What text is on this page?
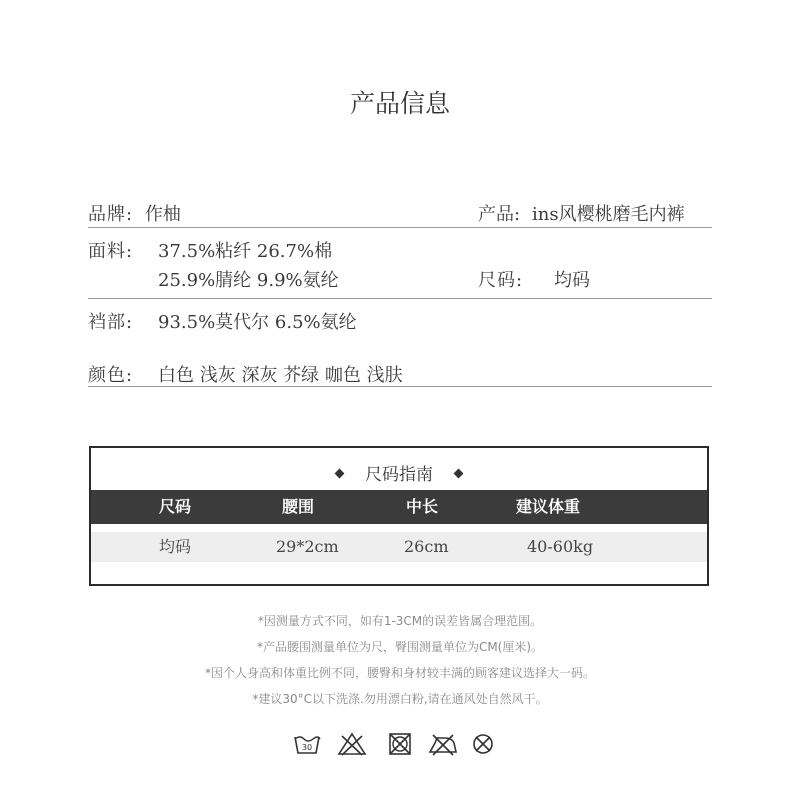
产品信息
品牌: 作柚	产品: ins风樱桃磨毛内裤
面料: 37.5%粘纤 26.7%棉
25.9%腈纶 9.9%氨纶	尺码: 均码
裆部: 93.5%莫代尔 6.5%氨纶
颜色: 白色 浅灰 深灰 芥绿 咖色 浅肤
尺码指南
尺码	腰围	中长	建议体重
均码	29*2cm	26cm	40-60kg
*因测量方式不同，如有1-3CM的误差皆属合理范围。
*产品腰围测量单位为尺，臀围测量单位为CM(厘米)。
*因个人身高和体重比例不同，腰臀和身材较丰满的顾客建议选择大一码。
*建议30°C以下洗涤.勿用漂白粉,请在通风处自然风干。
30
